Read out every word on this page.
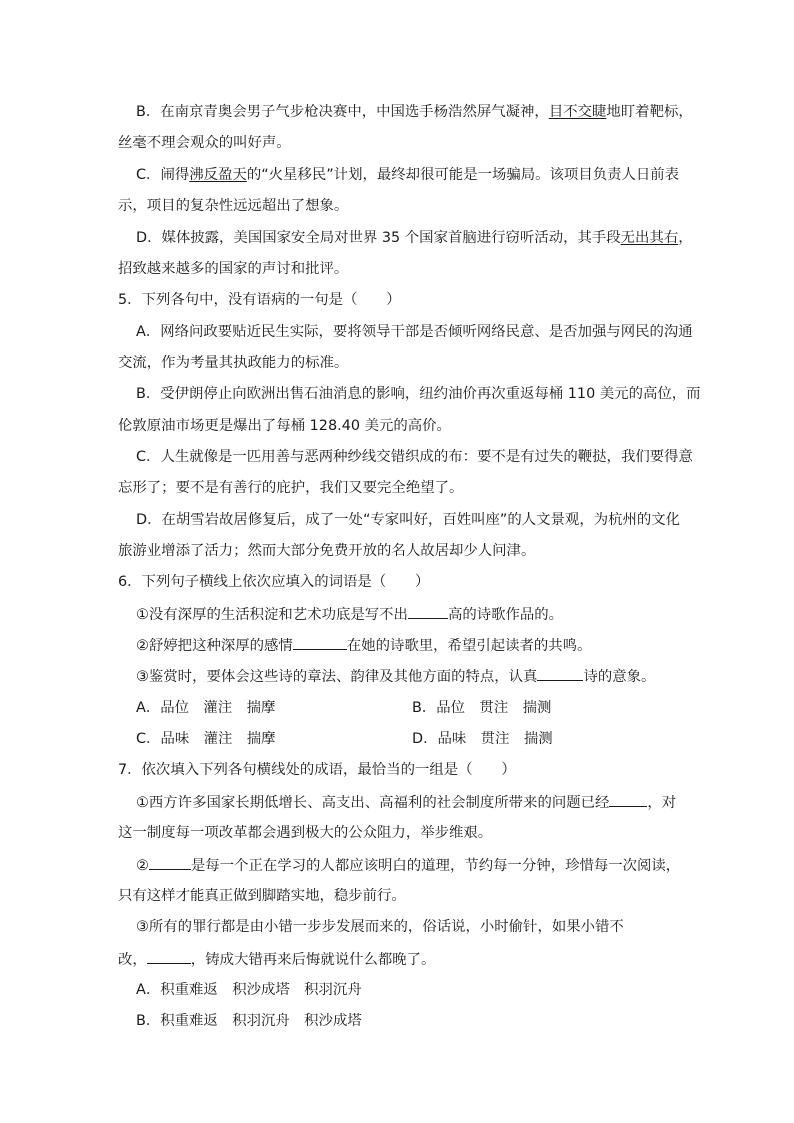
B．在南京青奥会男子气步枪决赛中，中国选手杨浩然屏气凝神，目不交睫地盯着靶标，
丝毫不理会观众的叫好声。
C．闹得沸反盈天的“火星移民”计划，最终却很可能是一场骗局。该项目负责人日前表
示，项目的复杂性远远超出了想象。
D．媒体披露，美国国家安全局对世界 35 个国家首脑进行窃听活动，其手段无出其右，
招致越来越多的国家的声讨和批评。
5．下列各句中，没有语病的一句是（　　）
A．网络问政要贴近民生实际，要将领导干部是否倾听网络民意、是否加强与网民的沟通
交流，作为考量其执政能力的标准。
B．受伊朗停止向欧洲出售石油消息的影响，纽约油价再次重返每桶 110 美元的高位，而
伦敦原油市场更是爆出了每桶 128.40 美元的高价。
C．人生就像是一匹用善与恶两种纱线交错织成的布：要不是有过失的鞭挞，我们要得意
忘形了；要不是有善行的庇护，我们又要完全绝望了。
D．在胡雪岩故居修复后，成了一处“专家叫好，百姓叫座”的人文景观，为杭州的文化
旅游业增添了活力；然而大部分免费开放的名人故居却少人问津。
6．下列句子横线上依次应填入的词语是（　　）
①没有深厚的生活积淀和艺术功底是写不出	高的诗歌作品的。
②舒婷把这种深厚的感情	在她的诗歌里，希望引起读者的共鸣。
③鉴赏时，要体会这些诗的章法、韵律及其他方面的特点，认真	诗的意象。
A．品位　灌注　揣摩	B．品位　贯注　揣测
C．品味　灌注　揣摩	D．品味　贯注　揣测
7．依次填入下列各句横线处的成语，最恰当的一组是（　　）
①西方许多国家长期低增长、高支出、高福利的社会制度所带来的问题已经	，对
这一制度每一项改革都会遇到极大的公众阻力，举步维艰。
②	是每一个正在学习的人都应该明白的道理，节约每一分钟，珍惜每一次阅读，
只有这样才能真正做到脚踏实地，稳步前行。
③所有的罪行都是由小错一步步发展而来的，俗话说，小时偷针，如果小错不
改，	，铸成大错再来后悔就说什么都晚了。
A．积重难返　积沙成塔　积羽沉舟
B．积重难返　积羽沉舟　积沙成塔
